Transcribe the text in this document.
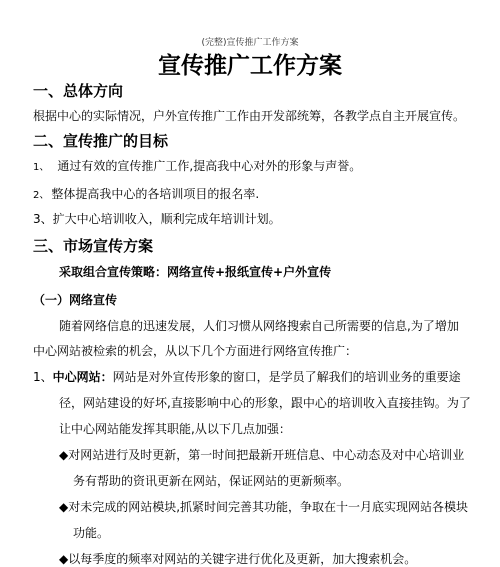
(完整)宣传推广工作方案
宣传推广工作方案
一、总体方向
根据中心的实际情况，户外宣传推广工作由开发部统筹，各教学点自主开展宣传。
二、宣传推广的目标
1、 通过有效的宣传推广工作,提高我中心对外的形象与声誉。
2、 整体提高我中心的各培训项目的报名率.
3、扩大中心培训收入，顺利完成年培训计划。
三、市场宣传方案
采取组合宣传策略：网络宣传+报纸宣传+户外宣传
（一）网络宣传
随着网络信息的迅速发展，人们习惯从网络搜索自己所需要的信息,为了增加
中心网站被检索的机会，从以下几个方面进行网络宣传推广：
1、中心网站：网站是对外宣传形象的窗口，是学员了解我们的培训业务的重要途
径，网站建设的好坏,直接影响中心的形象，跟中心的培训收入直接挂钩。为了
让中心网站能发挥其职能,从以下几点加强：
◆对网站进行及时更新，第一时间把最新开班信息、中心动态及对中心培训业
务有帮助的资讯更新在网站，保证网站的更新频率。
◆对未完成的网站模块,抓紧时间完善其功能，争取在十一月底实现网站各模块
功能。
◆以每季度的频率对网站的关键字进行优化及更新，加大搜索机会。
